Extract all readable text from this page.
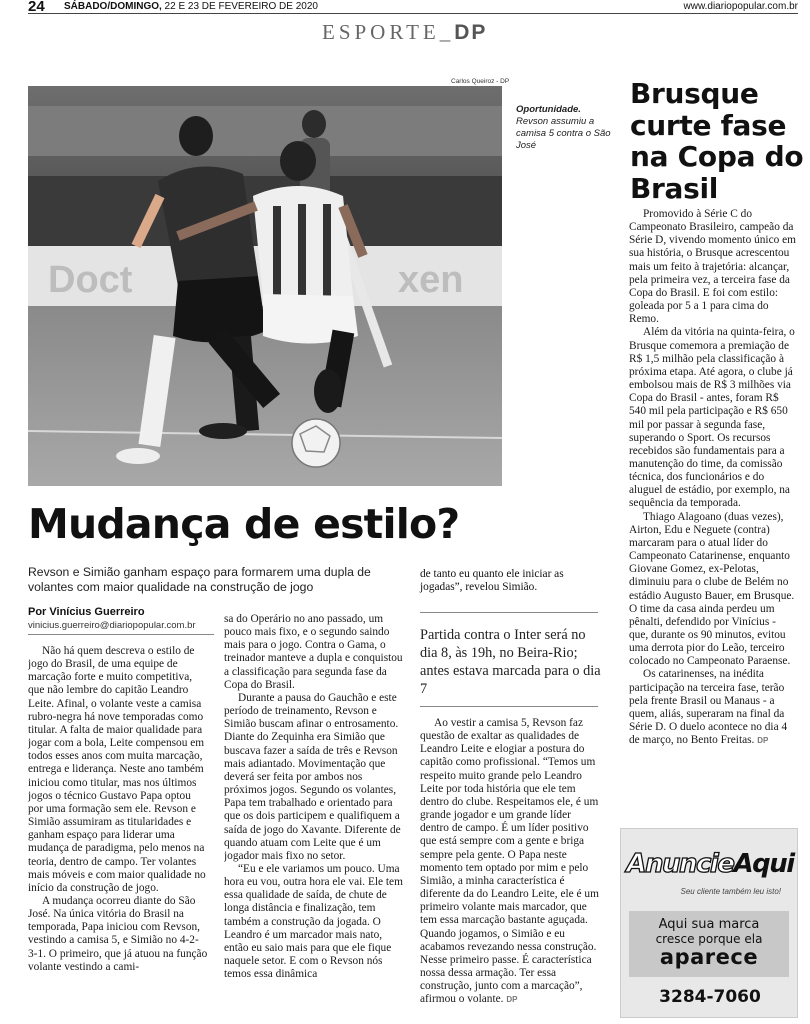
24 SÁBADO/DOMINGO, 22 E 23 DE FEVEREIRO DE 2020	www.diariopopular.com.br
ESPORTE_DP
Carlos Queiroz - DP
Doct	xen
Oportunidade.
Revson assumiu a camisa 5 contra o São José
Mudança de estilo?
Revson e Simião ganham espaço para formarem uma dupla de volantes com maior qualidade na construção de jogo
Por Vinícius Guerreiro
vinicius.guerreiro@diariopopular.com.br

Não há quem descreva o estilo de jogo do Brasil, de uma equipe de marcação forte e muito competitiva, que não lembre do capitão Leandro Leite. Afinal, o volante veste a camisa rubro-negra há nove temporadas como titular. A falta de maior qualidade para jogar com a bola, Leite compensou em todos esses anos com muita marcação, entrega e liderança. Neste ano também iniciou como titular, mas nos últimos jogos o técnico Gustavo Papa optou por uma formação sem ele. Revson e Simião assumiram as titularidades e ganham espaço para liderar uma mudança de paradigma, pelo menos na teoria, dentro de campo. Ter volantes mais móveis e com maior qualidade no início da construção de jogo.

A mudança ocorreu diante do São José. Na única vitória do Brasil na temporada, Papa iniciou com Revson, vestindo a camisa 5, e Simião no 4-2-3-1. O primeiro, que já atuou na função volante vestindo a cami-

sa do Operário no ano passado, um pouco mais fixo, e o segundo saindo mais para o jogo. Contra o Gama, o treinador manteve a dupla e conquistou a classificação para segunda fase da Copa do Brasil.

Durante a pausa do Gauchão e este período de treinamento, Revson e Simião buscam afinar o entrosamento. Diante do Zequinha era Simião que buscava fazer a saída de três e Revson mais adiantado. Movimentação que deverá ser feita por ambos nos próximos jogos. Segundo os volantes, Papa tem trabalhado e orientado para que os dois participem e qualifiquem a saída de jogo do Xavante. Diferente de quando atuam com Leite que é um jogador mais fixo no setor.

“Eu e ele variamos um pouco. Uma hora eu vou, outra hora ele vai. Ele tem essa qualidade de saída, de chute de longa distância e finalização, tem também a construção da jogada. O Leandro é um marcador mais nato, então eu saio mais para que ele fique naquele setor. E com o Revson nós temos essa dinâmica

de tanto eu quanto ele iniciar as jogadas”, revelou Simião.
Partida contra o Inter será no dia 8, às 19h, no Beira-Rio; antes estava marcada para o dia 7

Ao vestir a camisa 5, Revson faz questão de exaltar as qualidades de Leandro Leite e elogiar a postura do capitão como profissional. “Temos um respeito muito grande pelo Leandro Leite por toda história que ele tem dentro do clube. Respeitamos ele, é um grande jogador e um grande líder dentro de campo. É um líder positivo que está sempre com a gente e briga sempre pela gente. O Papa neste momento tem optado por mim e pelo Simião, a minha característica é diferente da do Leandro Leite, ele é um primeiro volante mais marcador, que tem essa marcação bastante aguçada. Quando jogamos, o Simião e eu acabamos revezando nessa construção. Nesse primeiro passe. É característica nossa dessa armação. Ter essa construção, junto com a marcação”, afirmou o volante. DP

Brusque curte fase na Copa do Brasil

Promovido à Série C do Campeonato Brasileiro, campeão da Série D, vivendo momento único em sua história, o Brusque acrescentou mais um feito à trajetória: alcançar, pela primeira vez, a terceira fase da Copa do Brasil. E foi com estilo: goleada por 5 a 1 para cima do Remo.

Além da vitória na quinta-feira, o Brusque comemora a premiação de R$ 1,5 milhão pela classificação à próxima etapa. Até agora, o clube já embolsou mais de R$ 3 milhões via Copa do Brasil - antes, foram R$ 540 mil pela participação e R$ 650 mil por passar à segunda fase, superando o Sport. Os recursos recebidos são fundamentais para a manutenção do time, da comissão técnica, dos funcionários e do aluguel de estádio, por exemplo, na sequência da temporada.

Thiago Alagoano (duas vezes), Airton, Edu e Neguete (contra) marcaram para o atual líder do Campeonato Catarinense, enquanto Giovane Gomez, ex-Pelotas, diminuiu para o clube de Belém no estádio Augusto Bauer, em Brusque. O time da casa ainda perdeu um pênalti, defendido por Vinícius - que, durante os 90 minutos, evitou uma derrota pior do Leão, terceiro colocado no Campeonato Paraense.

Os catarinenses, na inédita participação na terceira fase, terão pela frente Brasil ou Manaus - a quem, aliás, superaram na final da Série D. O duelo acontece no dia 4 de março, no Bento Freitas. DP

AnuncieAqui
Seu cliente também leu isto!
Aqui sua marca
cresce porque ela
aparece
3284-7060
